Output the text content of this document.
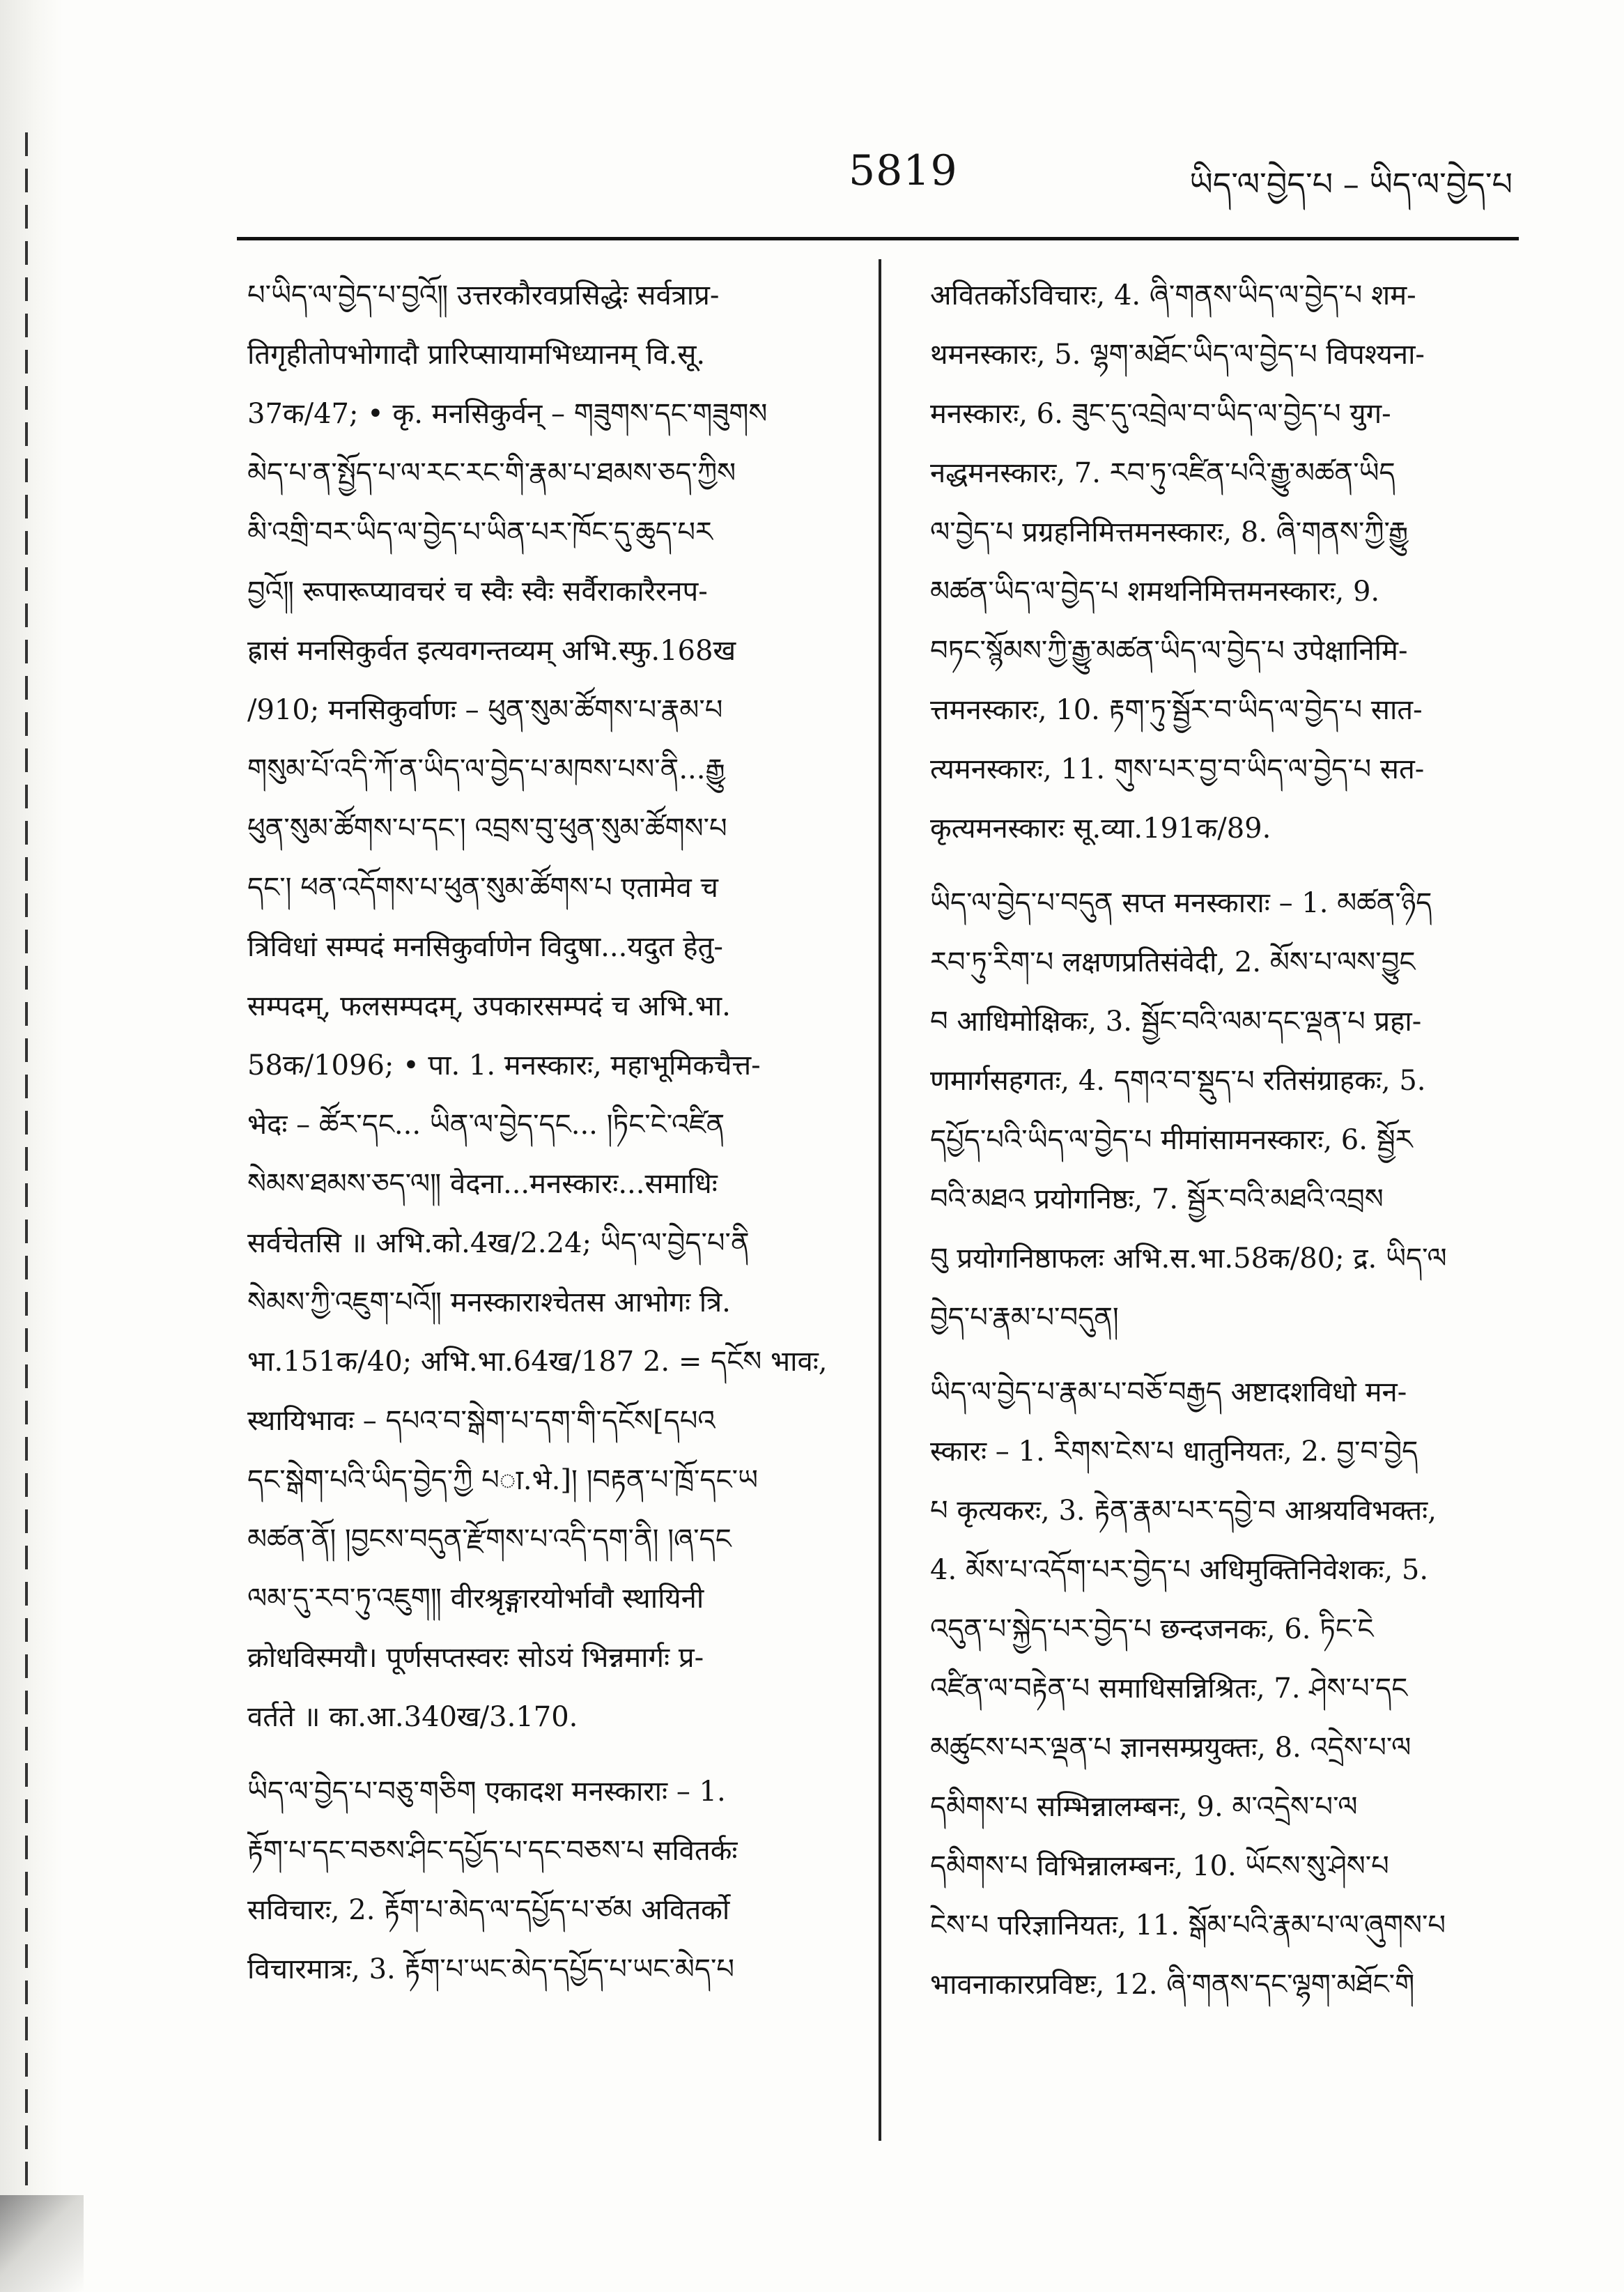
5819	ཡིད་ལ་བྱེད་པ – ཡིད་ལ་བྱེད་པ
པ་ཡིད་ལ་བྱེད་པ་བྱའོ༎ उत्तरकौरवप्रसिद्धेः सर्वत्राप्र-
तिगृहीतोपभोगादौ प्रारिप्सायामभिध्यानम् वि.सू.
37क/47; • कृ. मनसिकुर्वन् – གཟུགས་དང་གཟུགས
མེད་པ་ན་སྤྱོད་པ་ལ་རང་རང་གི་རྣམ་པ་ཐམས་ཅད་ཀྱིས
མི་འགྲི་བར་ཡིད་ལ་བྱེད་པ་ཡིན་པར་ཁོང་དུ་ཆུད་པར
བྱའོ༎ रूपारूप्यावचरं च स्वैः स्वैः सर्वैराकारैरनप-
ह्रासं मनसिकुर्वत इत्यवगन्तव्यम् अभि.स्फु.168ख
/910; मनसिकुर्वाणः – ཕུན་སུམ་ཚོགས་པ་རྣམ་པ
གསུམ་པོ་འདི་ཀོ་ན་ཡིད་ལ་བྱེད་པ་མཁས་པས་ནི...རྒྱུ
ཕུན་སུམ་ཚོགས་པ་དང་། འབྲས་བུ་ཕུན་སུམ་ཚོགས་པ
དང་། ཕན་འདོགས་པ་ཕུན་སུམ་ཚོགས་པ एतामेव च
त्रिविधां सम्पदं मनसिकुर्वाणेन विदुषा...यदुत हेतु-
सम्पदम्, फलसम्पदम्, उपकारसम्पदं च अभि.भा.
58क/1096; • पा. 1. मनस्कारः, महाभूमिकचैत्त-
भेदः – ཚོར་དང... ཡིན་ལ་བྱེད་དང... །ཏིང་ངེ་འཛིན
སེམས་ཐམས་ཅད་ལ༎ वेदना...मनस्कारः...समाधिः
सर्वचेतसि ॥ अभि.को.4ख/2.24; ཡིད་ལ་བྱེད་པ་ནི
སེམས་ཀྱི་འཇུག་པའོ༎ मनस्काराश्चेतस आभोगः त्रि.
भा.151क/40; अभि.भा.64ख/187 2. = དངོས भावः,
स्थायिभावः – དཔའ་བ་སྒེག་པ་དག་གི་དངོས[དཔའ
དང་སྒེག་པའི་ཡིད་བྱེད་ཀྱི པा.भे.]། །བརྟན་པ་ཁྲོ་དང་ཡ
མཚན་ནོ། །བྱངས་བདུན་རྫོགས་པ་འདི་དག་ནི། །ཞ་དང
ལམ་དུ་རབ་ཏུ་འཇུག༎ वीरश्रृङ्गारयोर्भावौ स्थायिनी
क्रोधविस्मयौ। पूर्णसप्तस्वरः सोऽयं भिन्नमार्गः प्र-
वर्तते ॥ का.आ.340ख/3.170.
ཡིད་ལ་བྱེད་པ་བཅུ་གཅིག एकादश मनस्काराः – 1.
རྟོག་པ་དང་བཅས་ཤིང་དཔྱོད་པ་དང་བཅས་པ सवितर्कः
सविचारः, 2. རྟོག་པ་མེད་ལ་དཔྱོད་པ་ཙམ अवितर्को
विचारमात्रः, 3. རྟོག་པ་ཡང་མེད་དཔྱོད་པ་ཡང་མེད་པ
अवितर्कोऽविचारः, 4. ཞི་གནས་ཡིད་ལ་བྱེད་པ शम-
थमनस्कारः, 5. ལྷག་མཐོང་ཡིད་ལ་བྱེད་པ विपश्यना-
मनस्कारः, 6. ཟུང་དུ་འབྲེལ་བ་ཡིད་ལ་བྱེད་པ युग-
नद्धमनस्कारः, 7. རབ་ཏུ་འཛིན་པའི་རྒྱུ་མཚན་ཡིད
ལ་བྱེད་པ प्रग्रहनिमित्तमनस्कारः, 8. ཞི་གནས་ཀྱི་རྒྱུ
མཚན་ཡིད་ལ་བྱེད་པ शमथनिमित्तमनस्कारः, 9.
བཏང་སྙོམས་ཀྱི་རྒྱུ་མཚན་ཡིད་ལ་བྱེད་པ उपेक्षानिमि-
त्तमनस्कारः, 10. རྟག་ཏུ་སྦྱོར་བ་ཡིད་ལ་བྱེད་པ सात-
त्यमनस्कारः, 11. གུས་པར་བྱ་བ་ཡིད་ལ་བྱེད་པ सत-
कृत्यमनस्कारः सू.व्या.191क/89.
ཡིད་ལ་བྱེད་པ་བདུན सप्त मनस्काराः – 1. མཚན་ཉིད
རབ་ཏུ་རིག་པ लक्षणप्रतिसंवेदी, 2. མོས་པ་ལས་བྱུང
བ आधिमोक्षिकः, 3. སྦྱོང་བའི་ལམ་དང་ལྡན་པ प्रहा-
णमार्गसहगतः, 4. དགའ་བ་སྡུད་པ रतिसंग्राहकः, 5.
དཔྱོད་པའི་ཡིད་ལ་བྱེད་པ मीमांसामनस्कारः, 6. སྦྱོར
བའི་མཐའ प्रयोगनिष्ठः, 7. སྦྱོར་བའི་མཐའི་འབྲས
བུ प्रयोगनिष्ठाफलः अभि.स.भा.58क/80; द्र. ཡིད་ལ
བྱེད་པ་རྣམ་པ་བདུན།
ཡིད་ལ་བྱེད་པ་རྣམ་པ་བཅོ་བརྒྱད अष्टादशविधो मन-
स्कारः – 1. རིགས་ངེས་པ धातुनियतः, 2. བྱ་བ་བྱེད
པ कृत्यकरः, 3. རྟེན་རྣམ་པར་དབྱེ་བ आश्रयविभक्तः,
4. མོས་པ་འདོག་པར་བྱེད་པ अधिमुक्तिनिवेशकः, 5.
འདུན་པ་སྐྱེད་པར་བྱེད་པ छन्दजनकः, 6. ཏིང་ངེ
འཛིན་ལ་བརྟེན་པ समाधिसन्निश्रितः, 7. ཤེས་པ་དང
མཚུངས་པར་ལྡན་པ ज्ञानसम्प्रयुक्तः, 8. འདྲེས་པ་ལ
དམིགས་པ सम्भिन्नालम्बनः, 9. མ་འདྲེས་པ་ལ
དམིགས་པ विभिन्नालम्बनः, 10. ཡོངས་སུ་ཤེས་པ
ངེས་པ परिज्ञानियतः, 11. སྒོམ་པའི་རྣམ་པ་ལ་ཞུགས་པ
भावनाकारप्रविष्टः, 12. ཞི་གནས་དང་ལྷག་མཐོང་གི
